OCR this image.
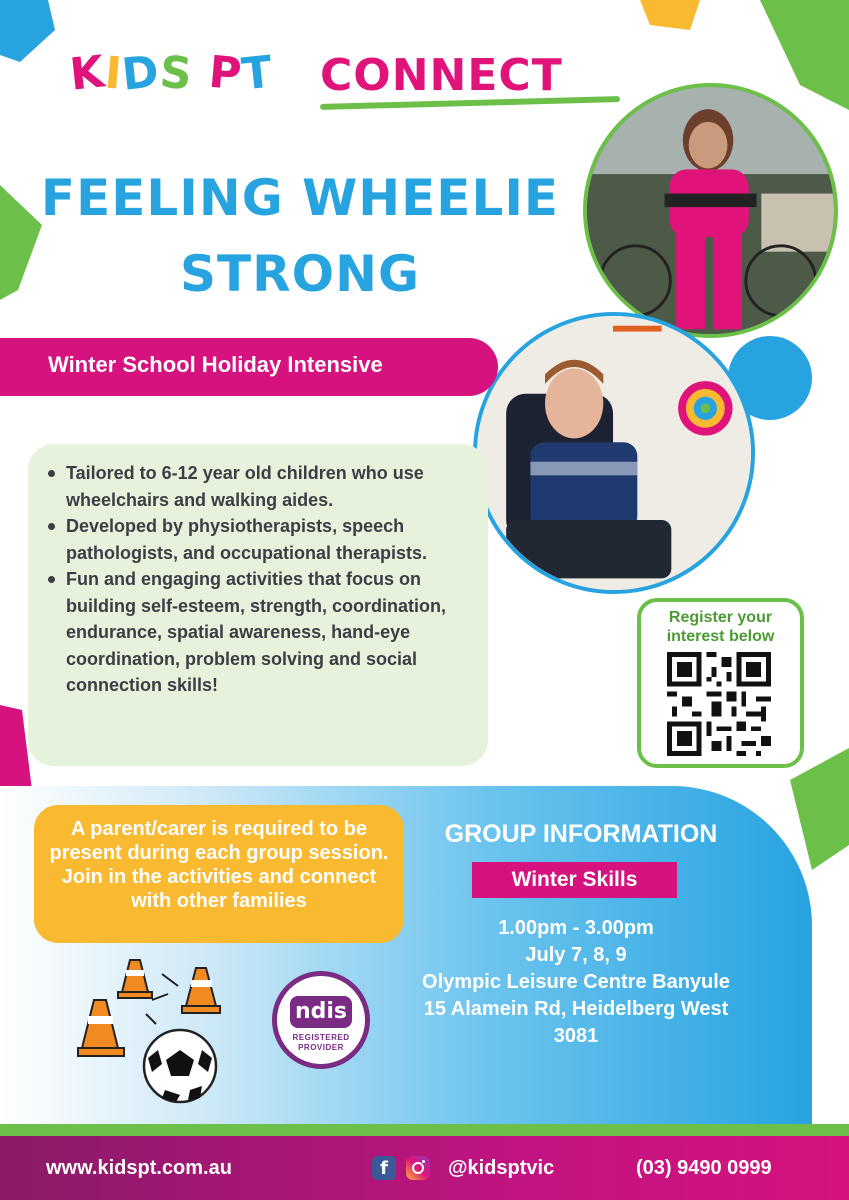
KIDS PT CONNECT
FEELING WHEELIE
STRONG
Winter School Holiday Intensive
Tailored to 6-12 year old children who use wheelchairs and walking aides.
Developed by physiotherapists, speech pathologists, and occupational therapists.
Fun and engaging activities that focus on building self-esteem, strength, coordination, endurance, spatial awareness, hand-eye coordination, problem solving and social connection skills!
Register your interest below
A parent/carer is required to be present during each group session. Join in the activities and connect with other families
GROUP INFORMATION
Winter Skills
1.00pm - 3.00pm
July 7, 8, 9
Olympic Leisure Centre Banyule
15 Alamein Rd, Heidelberg West
3081
ndis
REGISTERED
PROVIDER
www.kidspt.com.au	f	@kidsptvic	(03) 9490 0999
